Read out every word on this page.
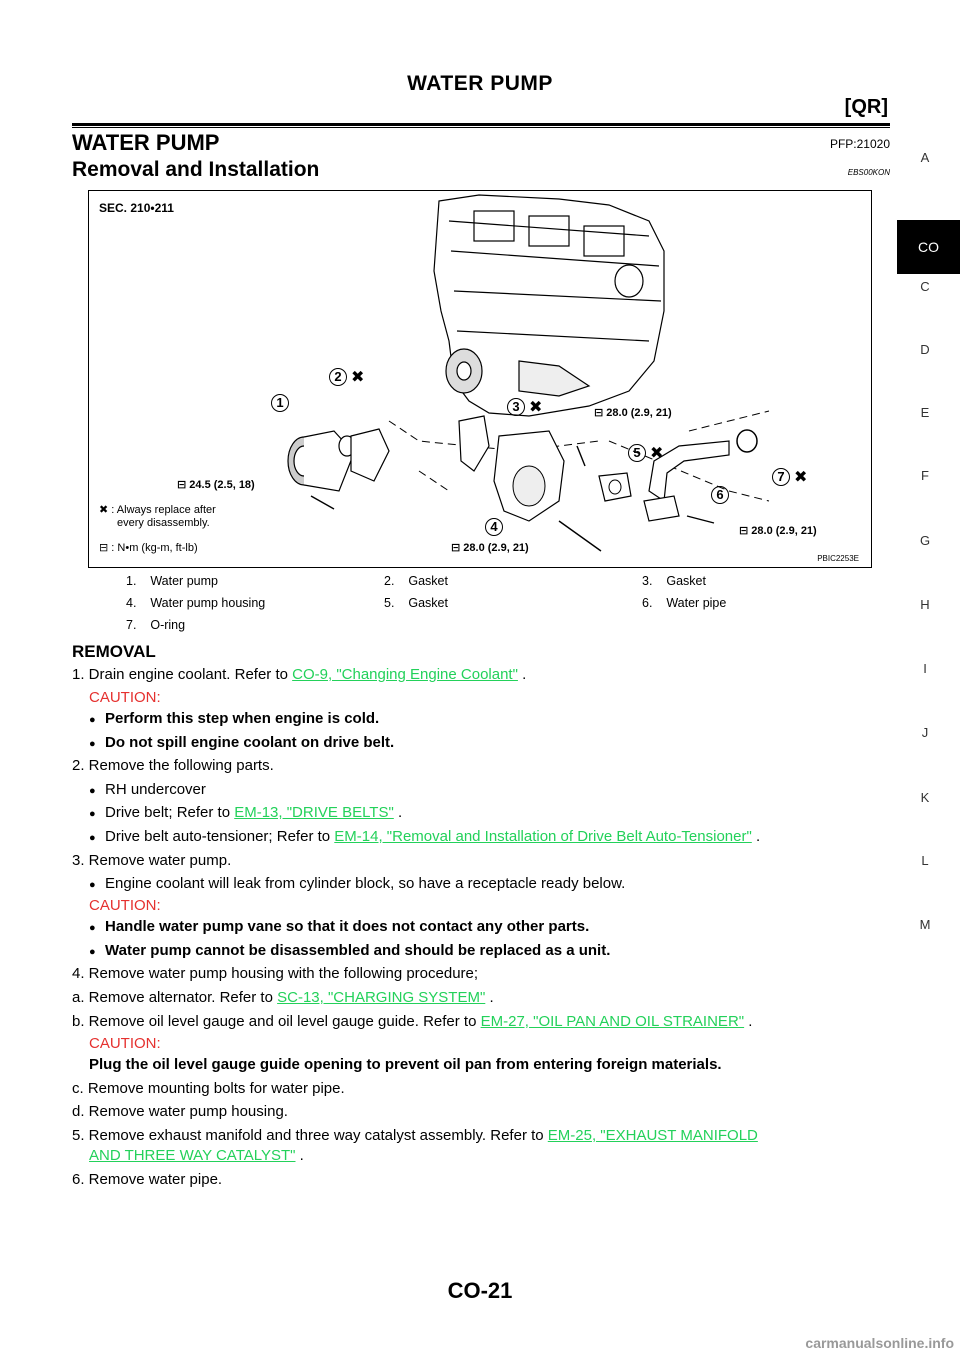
WATER PUMP
[QR]
WATER PUMP	PFP:21020
Removal and Installation	EBS00KON
A
CO
C
D
E
F
G
H
I
J
K
L
M
SEC. 210•211
PBIC2253E
⊟ 28.0 (2.9, 21)
⊟ 24.5 (2.5, 18)
⊟ 28.0 (2.9, 21)
⊟ 28.0 (2.9, 21)
✖ : Always replace after
every disassembly.
⊟ : N•m (kg-m, ft-lb)
1
2
3
4
5
6
7
✖
✖
✖
✖
1. Water pump	2. Gasket	3. Gasket
4. Water pump housing	5. Gasket	6. Water pipe
7. O-ring		
REMOVAL
1. Drain engine coolant. Refer to CO-9, "Changing Engine Coolant" .
CAUTION:
● Perform this step when engine is cold.
● Do not spill engine coolant on drive belt.
2. Remove the following parts.
● RH undercover
● Drive belt; Refer to EM-13, "DRIVE BELTS" .
● Drive belt auto-tensioner; Refer to EM-14, "Removal and Installation of Drive Belt Auto-Tensioner" .
3. Remove water pump.
● Engine coolant will leak from cylinder block, so have a receptacle ready below.
CAUTION:
● Handle water pump vane so that it does not contact any other parts.
● Water pump cannot be disassembled and should be replaced as a unit.
4. Remove water pump housing with the following procedure;
a. Remove alternator. Refer to SC-13, "CHARGING SYSTEM" .
b. Remove oil level gauge and oil level gauge guide. Refer to EM-27, "OIL PAN AND OIL STRAINER" .
CAUTION:
Plug the oil level gauge guide opening to prevent oil pan from entering foreign materials.
c. Remove mounting bolts for water pipe.
d. Remove water pump housing.
5. Remove exhaust manifold and three way catalyst assembly. Refer to EM-25, "EXHAUST MANIFOLD
AND THREE WAY CATALYST" .
6. Remove water pipe.
CO-21
carmanualsonline.info
